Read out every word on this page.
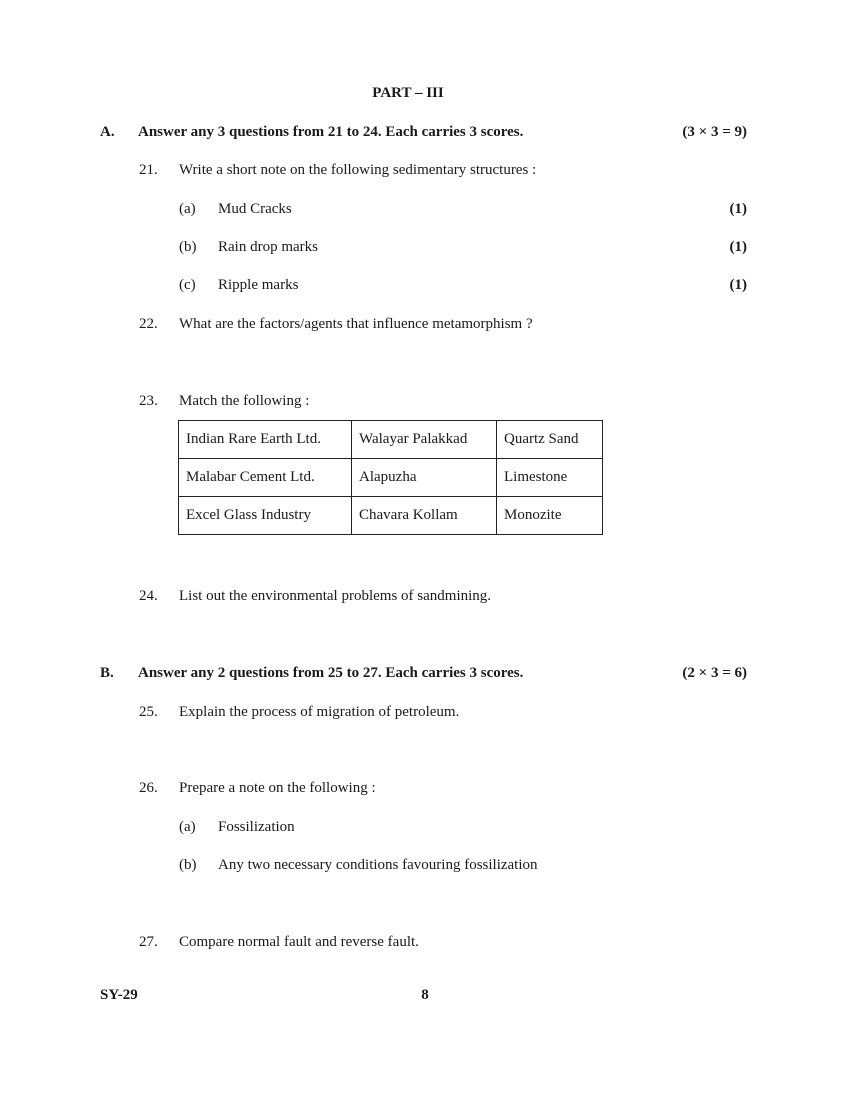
PART – III
A. Answer any 3 questions from 21 to 24. Each carries 3 scores.	(3 × 3 = 9)
21. Write a short note on the following sedimentary structures :
(a) Mud Cracks	(1)
(b) Rain drop marks	(1)
(c) Ripple marks	(1)
22. What are the factors/agents that influence metamorphism ?
23. Match the following :
Indian Rare Earth Ltd.	Walayar Palakkad	Quartz Sand
Malabar Cement Ltd.	Alapuzha	Limestone
Excel Glass Industry	Chavara Kollam	Monozite
24. List out the environmental problems of sandmining.
B. Answer any 2 questions from 25 to 27. Each carries 3 scores.	(2 × 3 = 6)
25. Explain the process of migration of petroleum.
26. Prepare a note on the following :
(a) Fossilization
(b) Any two necessary conditions favouring fossilization
27. Compare normal fault and reverse fault.
SY-29	8
